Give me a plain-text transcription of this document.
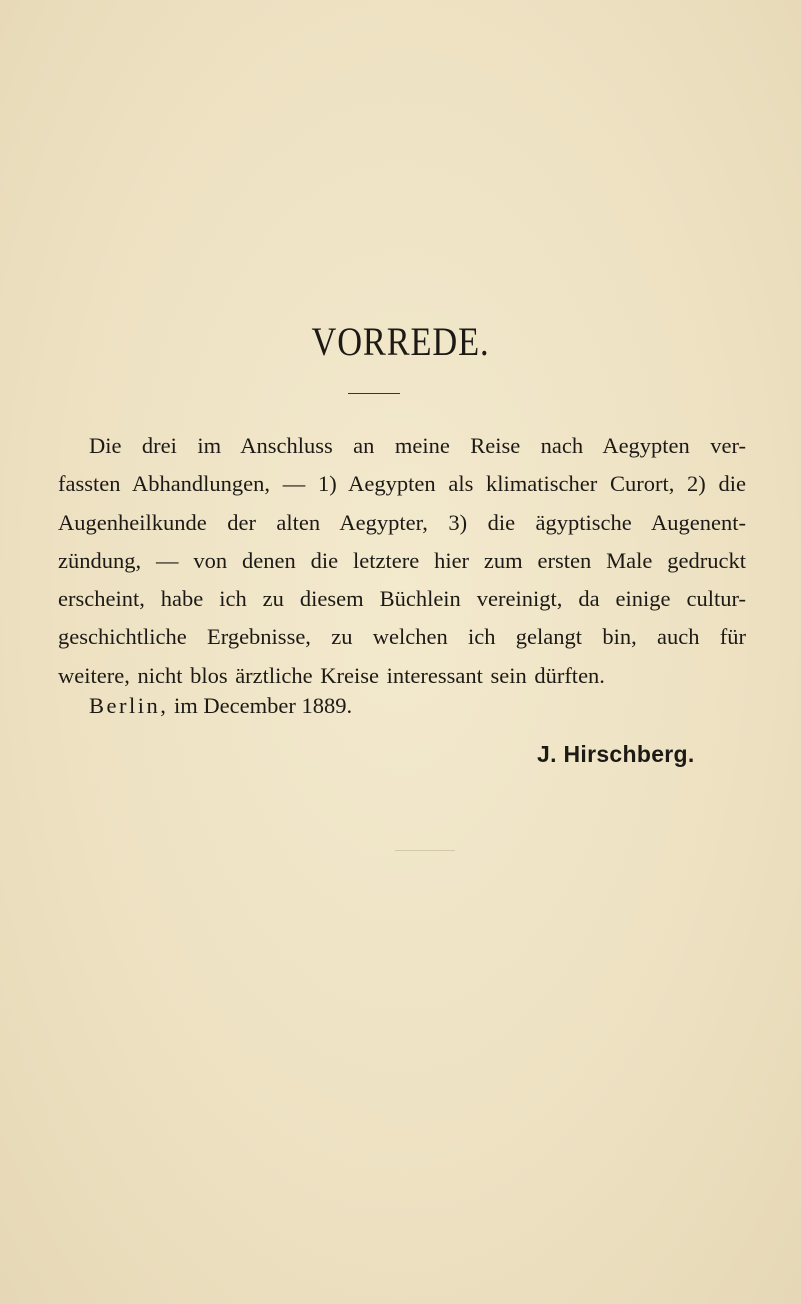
VORREDE.
Die drei im Anschluss an meine Reise nach Aegypten ver-
fassten Abhandlungen, — 1) Aegypten als klimatischer Curort, 2) die
Augenheilkunde der alten Aegypter, 3) die ägyptische Augenent-
zündung, — von denen die letztere hier zum ersten Male gedruckt
erscheint, habe ich zu diesem Büchlein vereinigt, da einige cultur-
geschichtliche Ergebnisse, zu welchen ich gelangt bin, auch für
weitere, nicht blos ärztliche Kreise interessant sein dürften.
Berlin, im December 1889.
J. Hirschberg.
